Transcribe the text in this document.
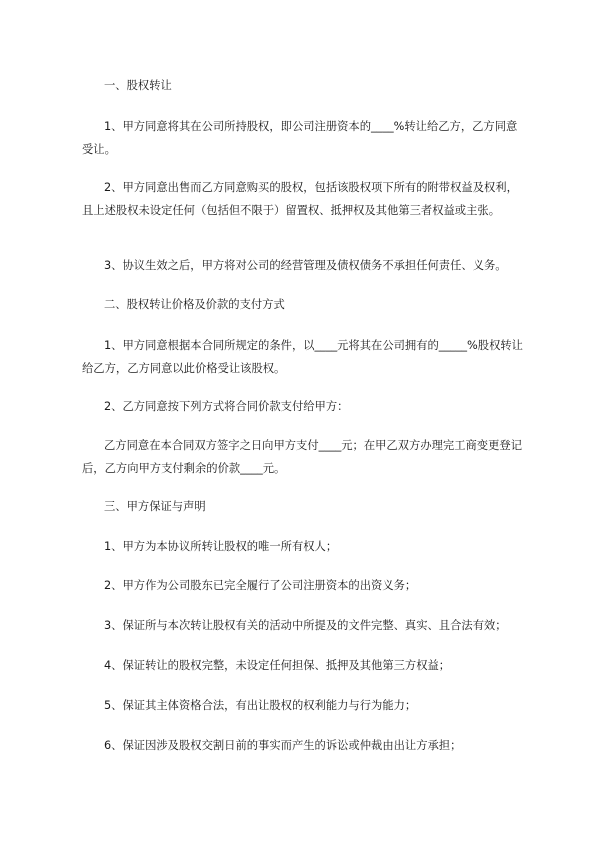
一、股权转让

1、甲方同意将其在公司所持股权，即公司注册资本的____%转让给乙方，乙方同意受让。

2、甲方同意出售而乙方同意购买的股权，包括该股权项下所有的附带权益及权利，且上述股权未设定任何（包括但不限于）留置权、抵押权及其他第三者权益或主张。

3、协议生效之后，甲方将对公司的经营管理及债权债务不承担任何责任、义务。

二、股权转让价格及价款的支付方式

1、甲方同意根据本合同所规定的条件，以____元将其在公司拥有的_____%股权转让给乙方，乙方同意以此价格受让该股权。

2、乙方同意按下列方式将合同价款支付给甲方：

乙方同意在本合同双方签字之日向甲方支付____元；在甲乙双方办理完工商变更登记后，乙方向甲方支付剩余的价款____元。

三、甲方保证与声明

1、甲方为本协议所转让股权的唯一所有权人；

2、甲方作为公司股东已完全履行了公司注册资本的出资义务；

3、保证所与本次转让股权有关的活动中所提及的文件完整、真实、且合法有效；

4、保证转让的股权完整，未设定任何担保、抵押及其他第三方权益；

5、保证其主体资格合法，有出让股权的权利能力与行为能力；

6、保证因涉及股权交割日前的事实而产生的诉讼或仲裁由出让方承担；
